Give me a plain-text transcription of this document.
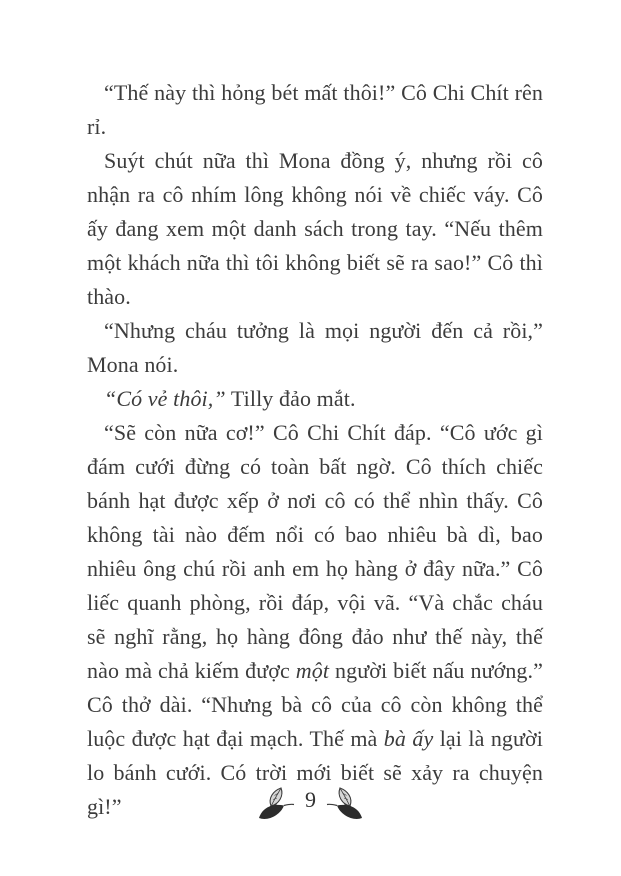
“Thế này thì hỏng bét mất thôi!” Cô Chi Chít rên rỉ.

Suýt chút nữa thì Mona đồng ý, nhưng rồi cô nhận ra cô nhím lông không nói về chiếc váy. Cô ấy đang xem một danh sách trong tay. “Nếu thêm một khách nữa thì tôi không biết sẽ ra sao!” Cô thì thào.

“Nhưng cháu tưởng là mọi người đến cả rồi,” Mona nói.

“Có vẻ thôi,” Tilly đảo mắt.

“Sẽ còn nữa cơ!” Cô Chi Chít đáp. “Cô ước gì đám cưới đừng có toàn bất ngờ. Cô thích chiếc bánh hạt được xếp ở nơi cô có thể nhìn thấy. Cô không tài nào đếm nổi có bao nhiêu bà dì, bao nhiêu ông chú rồi anh em họ hàng ở đây nữa.” Cô liếc quanh phòng, rồi đáp, vội vã. “Và chắc cháu sẽ nghĩ rằng, họ hàng đông đảo như thế này, thế nào mà chả kiếm được một người biết nấu nướng.” Cô thở dài. “Nhưng bà cô của cô còn không thể luộc được hạt đại mạch. Thế mà bà ấy lại là người lo bánh cưới. Có trời mới biết sẽ xảy ra chuyện gì!”	9
